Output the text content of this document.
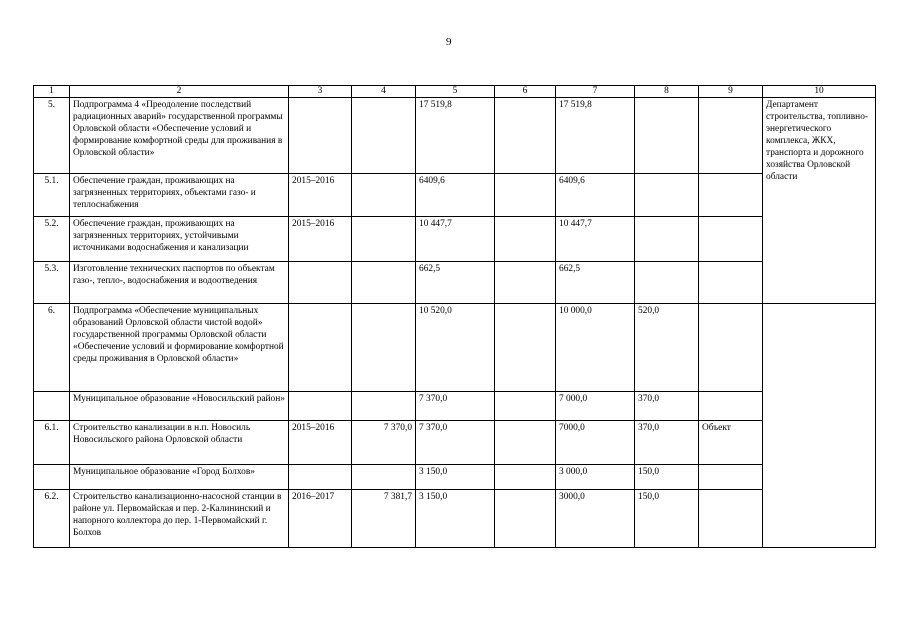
9
1	2	3	4	5	6	7	8	9	10
5.	Подпрограмма 4 «Преодоление последствий радиационных аварий» государственной программы Орловской области «Обеспечение условий и формирование комфортной среды для проживания в Орловской области»			17 519,8		17 519,8			Департамент строительства, топливно-энергетического комплекса, ЖКХ, транспорта и дорожного хозяйства Орловской области
5.1.	Обеспечение граждан, проживающих на загрязненных территориях, объектами газо- и теплоснабжения	2015–2016		6409,6		6409,6			
5.2.	Обеспечение граждан, проживающих на загрязненных территориях, устойчивыми источниками водоснабжения и канализации	2015–2016		10 447,7		10 447,7			
5.3.	Изготовление технических паспортов по объектам газо-, тепло-, водоснабжения и водоотведения			662,5		662,5			
6.	Подпрограмма «Обеспечение муниципальных образований Орловской области чистой водой» государственной программы Орловской области «Обеспечение условий и формирование комфортной среды проживания в Орловской области»			10 520,0		10 000,0	520,0		
	Муниципальное образование «Новосильский район»			7 370,0		7 000,0	370,0		
6.1.	Строительство канализации в н.п. Новосиль Новосильского района Орловской области	2015–2016	7 370,0	7 370,0		7000,0	370,0	Объект	
	Муниципальное образование «Город Болхов»			3 150,0		3 000,0	150,0		
6.2.	Строительство канализационно-насосной станции в районе ул. Первомайская и пер. 2-Калининский и напорного коллектора до пер. 1-Первомайский г. Болхов	2016–2017	7 381,7	3 150,0		3000,0	150,0		
